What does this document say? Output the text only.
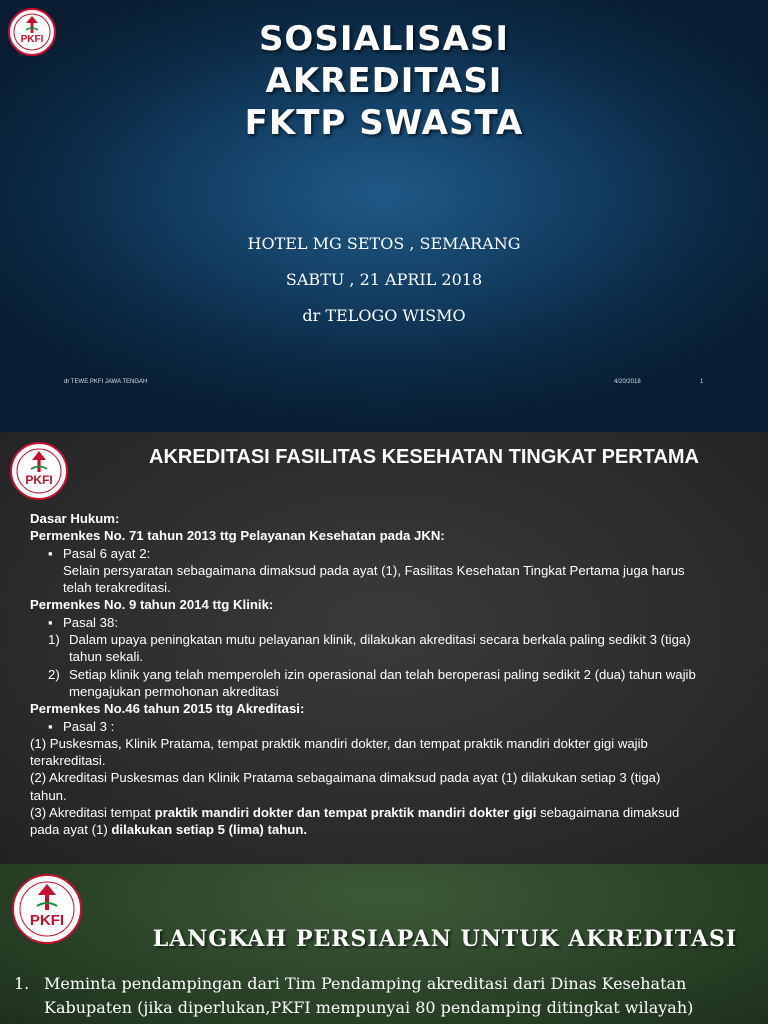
PKFI	SOSIALISASI
AKREDITASI
FKTP SWASTA
HOTEL MG SETOS , SEMARANG
SABTU , 21 APRIL 2018
dr TELOGO WISMO
dr TEWE PKFI JAWA TENGAH	4/20/2018	1
PKFI
AKREDITASI FASILITAS KESEHATAN TINGKAT PERTAMA
Dasar Hukum:
Permenkes No. 71 tahun 2013 ttg Pelayanan Kesehatan pada JKN:
▪ Pasal 6 ayat 2:
Selain persyaratan sebagaimana dimaksud pada ayat (1), Fasilitas Kesehatan Tingkat Pertama juga harus
telah terakreditasi.
Permenkes No. 9 tahun 2014 ttg Klinik:
▪ Pasal 38:
1) Dalam upaya peningkatan mutu pelayanan klinik, dilakukan akreditasi secara berkala paling sedikit 3 (tiga)
tahun sekali.
2) Setiap klinik yang telah memperoleh izin operasional dan telah beroperasi paling sedikit 2 (dua) tahun wajib
mengajukan permohonan akreditasi
Permenkes No.46 tahun 2015 ttg Akreditasi:
▪ Pasal 3 :
(1) Puskesmas, Klinik Pratama, tempat praktik mandiri dokter, dan tempat praktik mandiri dokter gigi wajib
terakreditasi.
(2) Akreditasi Puskesmas dan Klinik Pratama sebagaimana dimaksud pada ayat (1) dilakukan setiap 3 (tiga)
tahun.
(3) Akreditasi tempat praktik mandiri dokter dan tempat praktik mandiri dokter gigi sebagaimana dimaksud
pada ayat (1) dilakukan setiap 5 (lima) tahun.
PKFI
LANGKAH PERSIAPAN UNTUK AKREDITASI
1. Meminta pendampingan dari Tim Pendamping akreditasi dari Dinas Kesehatan Kabupaten (jika diperlukan,PKFI mempunyai 80 pendamping ditingkat wilayah)
